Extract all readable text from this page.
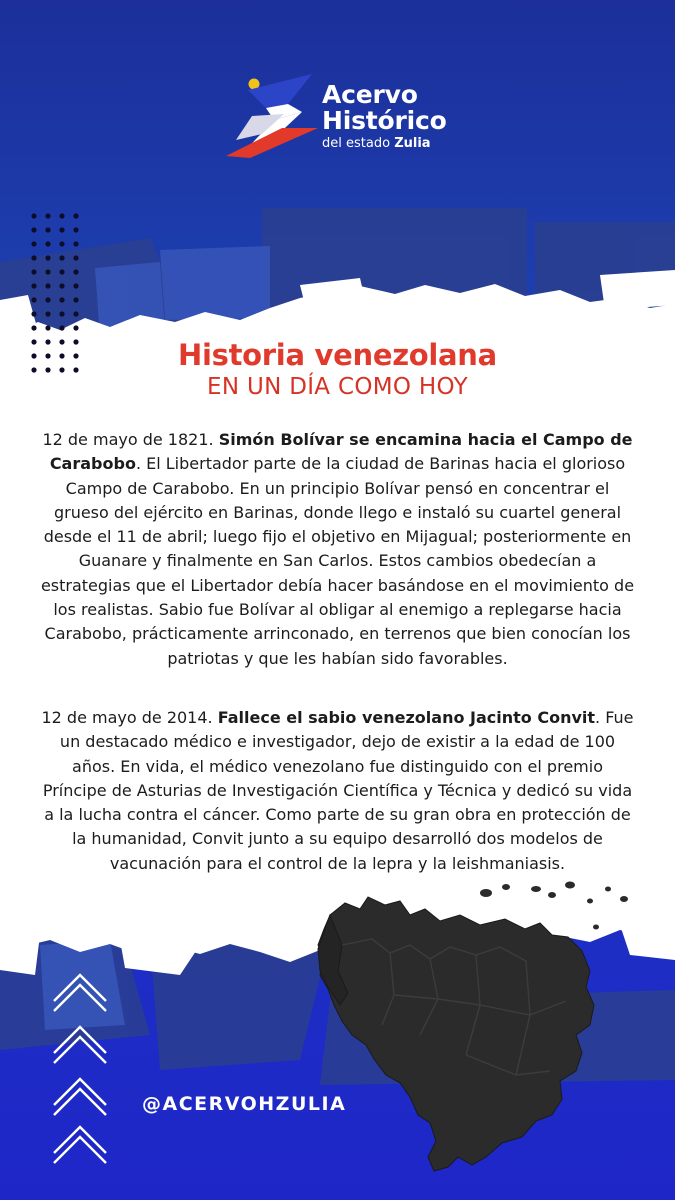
Acervo
Histórico
del estado Zulia
Historia venezolana
EN UN DÍA COMO HOY

12 de mayo de 1821. Simón Bolívar se encamina hacia el Campo de Carabobo. El Libertador parte de la ciudad de Barinas hacia el glorioso Campo de Carabobo. En un principio Bolívar pensó en concentrar el grueso del ejército en Barinas, donde llego e instaló su cuartel general desde el 11 de abril; luego fijo el objetivo en Mijagual; posteriormente en Guanare y finalmente en San Carlos. Estos cambios obedecían a estrategias que el Libertador debía hacer basándose en el movimiento de los realistas. Sabio fue Bolívar al obligar al enemigo a replegarse hacia Carabobo, prácticamente arrinconado, en terrenos que bien conocían los patriotas y que les habían sido favorables.

12 de mayo de 2014. Fallece el sabio venezolano Jacinto Convit. Fue un destacado médico e investigador, dejo de existir a la edad de 100 años. En vida, el médico venezolano fue distinguido con el premio Príncipe de Asturias de Investigación Científica y Técnica y dedicó su vida a la lucha contra el cáncer. Como parte de su gran obra en protección de la humanidad, Convit junto a su equipo desarrolló dos modelos de vacunación para el control de la lepra y la leishmaniasis.

@ACERVOHZULIA
